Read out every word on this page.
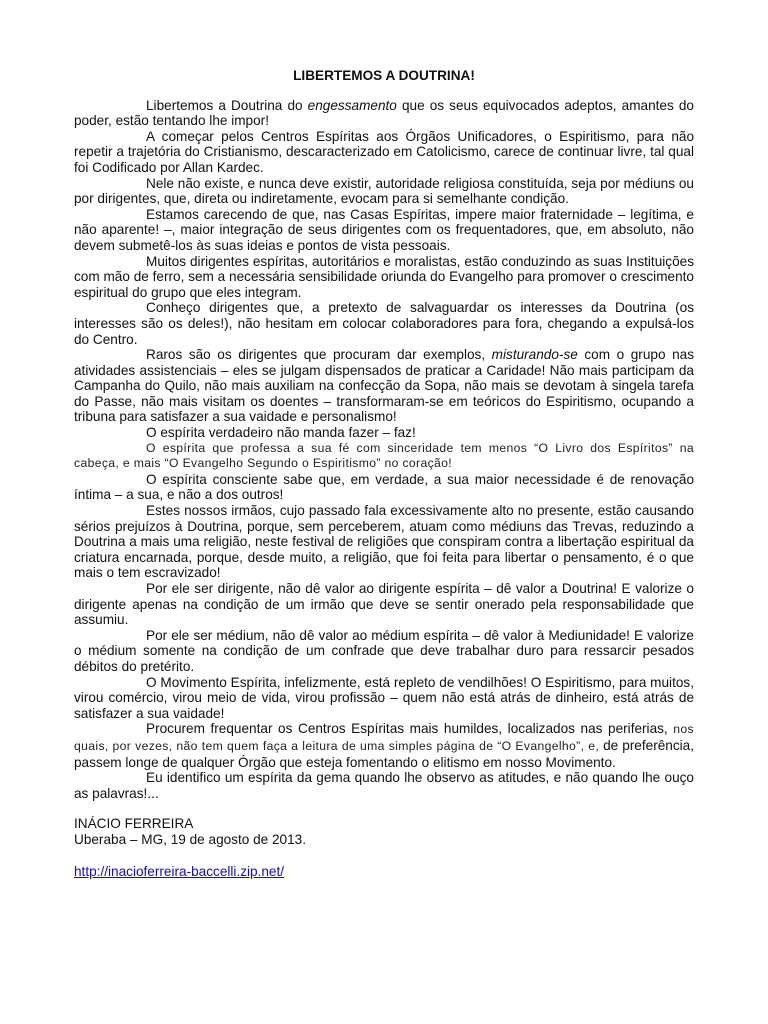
LIBERTEMOS A DOUTRINA!

Libertemos a Doutrina do engessamento que os seus equivocados adeptos, amantes do poder, estão tentando lhe impor!

A começar pelos Centros Espíritas aos Órgãos Unificadores, o Espiritismo, para não repetir a trajetória do Cristianismo, descaracterizado em Catolicismo, carece de continuar livre, tal qual foi Codificado por Allan Kardec.

Nele não existe, e nunca deve existir, autoridade religiosa constituída, seja por médiuns ou por dirigentes, que, direta ou indiretamente, evocam para si semelhante condição.

Estamos carecendo de que, nas Casas Espíritas, impere maior fraternidade – legítima, e não aparente! –, maior integração de seus dirigentes com os frequentadores, que, em absoluto, não devem submetê-los às suas ideias e pontos de vista pessoais.

Muitos dirigentes espíritas, autoritários e moralistas, estão conduzindo as suas Instituições com mão de ferro, sem a necessária sensibilidade oriunda do Evangelho para promover o crescimento espiritual do grupo que eles integram.

Conheço dirigentes que, a pretexto de salvaguardar os interesses da Doutrina (os interesses são os deles!), não hesitam em colocar colaboradores para fora, chegando a expulsá-los do Centro.

Raros são os dirigentes que procuram dar exemplos, misturando-se com o grupo nas atividades assistenciais – eles se julgam dispensados de praticar a Caridade! Não mais participam da Campanha do Quilo, não mais auxiliam na confecção da Sopa, não mais se devotam à singela tarefa do Passe, não mais visitam os doentes – transformaram-se em teóricos do Espiritismo, ocupando a tribuna para satisfazer a sua vaidade e personalismo!

O espírita verdadeiro não manda fazer – faz!

O espírita que professa a sua fé com sinceridade tem menos “O Livro dos Espíritos” na cabeça, e mais “O Evangelho Segundo o Espiritismo” no coração!

O espírita consciente sabe que, em verdade, a sua maior necessidade é de renovação íntima – a sua, e não a dos outros!

Estes nossos irmãos, cujo passado fala excessivamente alto no presente, estão causando sérios prejuízos à Doutrina, porque, sem perceberem, atuam como médiuns das Trevas, reduzindo a Doutrina a mais uma religião, neste festival de religiões que conspiram contra a libertação espiritual da criatura encarnada, porque, desde muito, a religião, que foi feita para libertar o pensamento, é o que mais o tem escravizado!

Por ele ser dirigente, não dê valor ao dirigente espírita – dê valor a Doutrina! E valorize o dirigente apenas na condição de um irmão que deve se sentir onerado pela responsabilidade que assumiu.

Por ele ser médium, não dê valor ao médium espírita – dê valor à Mediunidade! E valorize o médium somente na condição de um confrade que deve trabalhar duro para ressarcir pesados débitos do pretérito.

O Movimento Espírita, infelizmente, está repleto de vendilhões! O Espiritismo, para muitos, virou comércio, virou meio de vida, virou profissão – quem não está atrás de dinheiro, está atrás de satisfazer a sua vaidade!

Procurem frequentar os Centros Espíritas mais humildes, localizados nas periferias, nos quais, por vezes, não tem quem faça a leitura de uma simples página de “O Evangelho”, e, de preferência, passem longe de qualquer Órgão que esteja fomentando o elitismo em nosso Movimento.

Eu identifico um espírita da gema quando lhe observo as atitudes, e não quando lhe ouço as palavras!...

INÁCIO FERREIRA
Uberaba – MG, 19 de agosto de 2013.
http://inacioferreira-baccelli.zip.net/
